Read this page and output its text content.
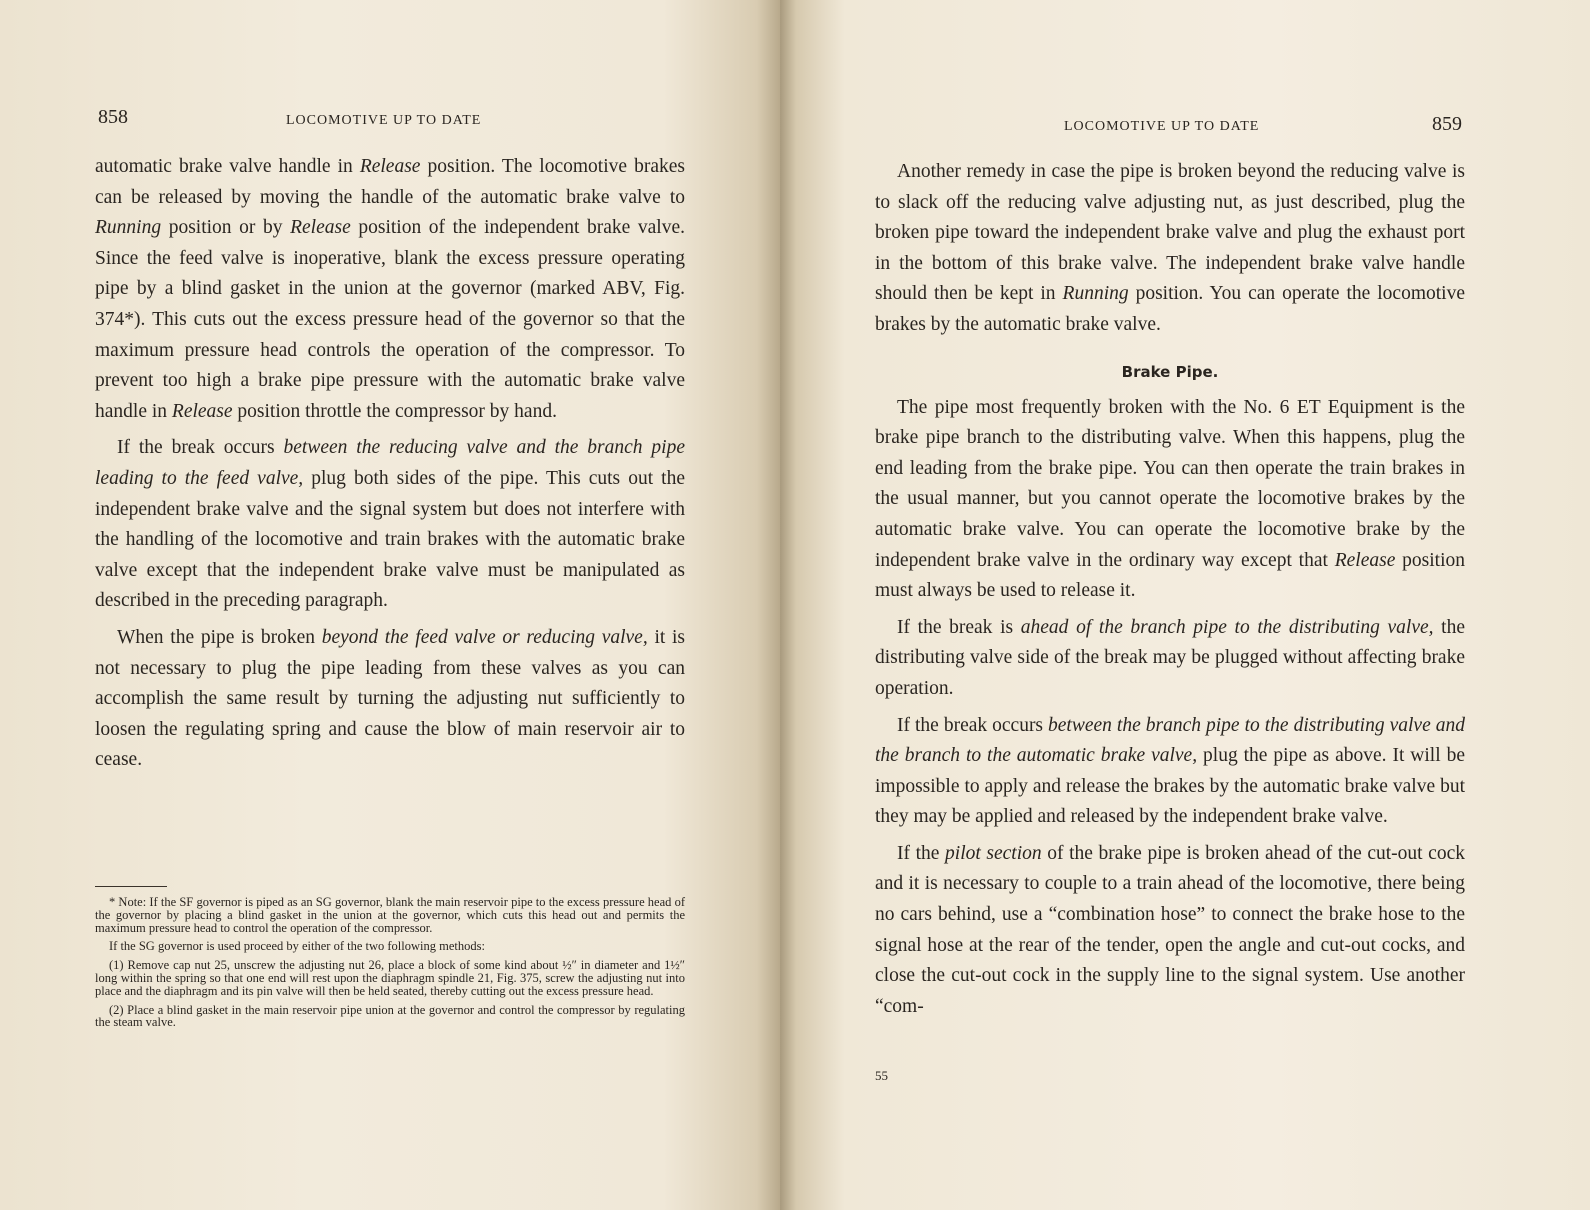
858	LOCOMOTIVE UP TO DATE

automatic brake valve handle in Release position. The locomotive brakes can be released by moving the handle of the automatic brake valve to Running position or by Release position of the independent brake valve. Since the feed valve is inoperative, blank the excess pressure operating pipe by a blind gasket in the union at the governor (marked ABV, Fig. 374*). This cuts out the excess pressure head of the governor so that the maximum pressure head controls the operation of the compressor. To prevent too high a brake pipe pressure with the automatic brake valve handle in Release position throttle the compressor by hand.

If the break occurs between the reducing valve and the branch pipe leading to the feed valve, plug both sides of the pipe. This cuts out the independent brake valve and the signal system but does not interfere with the handling of the locomotive and train brakes with the automatic brake valve except that the independent brake valve must be manipulated as described in the preceding paragraph.

When the pipe is broken beyond the feed valve or reducing valve, it is not necessary to plug the pipe leading from these valves as you can accomplish the same result by turning the adjusting nut sufficiently to loosen the regulating spring and cause the blow of main reservoir air to cease.

* Note: If the SF governor is piped as an SG governor, blank the main reservoir pipe to the excess pressure head of the governor by placing a blind gasket in the union at the governor, which cuts this head out and permits the maximum pressure head to control the operation of the compressor.

If the SG governor is used proceed by either of the two following methods:

(1) Remove cap nut 25, unscrew the adjusting nut 26, place a block of some kind about ½″ in diameter and 1½″ long within the spring so that one end will rest upon the diaphragm spindle 21, Fig. 375, screw the adjusting nut into place and the diaphragm and its pin valve will then be held seated, thereby cutting out the excess pressure head.

(2) Place a blind gasket in the main reservoir pipe union at the governor and control the compressor by regulating the steam valve.

LOCOMOTIVE UP TO DATE	859

Another remedy in case the pipe is broken beyond the reducing valve is to slack off the reducing valve adjusting nut, as just described, plug the broken pipe toward the independent brake valve and plug the exhaust port in the bottom of this brake valve. The independent brake valve handle should then be kept in Running position. You can operate the locomotive brakes by the automatic brake valve.

Brake Pipe.

The pipe most frequently broken with the No. 6 ET Equipment is the brake pipe branch to the distributing valve. When this happens, plug the end leading from the brake pipe. You can then operate the train brakes in the usual manner, but you cannot operate the locomotive brakes by the automatic brake valve. You can operate the locomotive brake by the independent brake valve in the ordinary way except that Release position must always be used to release it.

If the break is ahead of the branch pipe to the distributing valve, the distributing valve side of the break may be plugged without affecting brake operation.

If the break occurs between the branch pipe to the distributing valve and the branch to the automatic brake valve, plug the pipe as above. It will be impossible to apply and release the brakes by the automatic brake valve but they may be applied and released by the independent brake valve.

If the pilot section of the brake pipe is broken ahead of the cut-out cock and it is necessary to couple to a train ahead of the locomotive, there being no cars behind, use a “combination hose” to connect the brake hose to the signal hose at the rear of the tender, open the angle and cut-out cocks, and close the cut-out cock in the supply line to the signal system. Use another “com-

55
